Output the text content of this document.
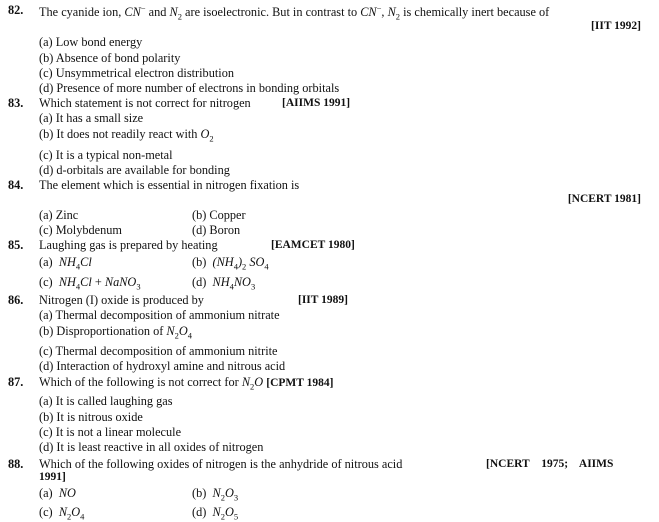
82. The cyanide ion, CN− and $N_2$ are isoelectronic. But in contrast to CN−, $N_2$ is chemically inert because of
[IIT 1992]
(a) Low bond energy
(b) Absence of bond polarity
(c) Unsymmetrical electron distribution
(d) Presence of more number of electrons in bonding orbitals
83. Which statement is not correct for nitrogen	[AIIMS 1991]
(a) It has a small size
(b) It does not readily react with $O_2$
(c) It is a typical non-metal
(d) d-orbitals are available for bonding
84. The element which is essential in nitrogen fixation is
[NCERT 1981]
(a) Zinc	(b) Copper
(c) Molybdenum	(d) Boron
85. Laughing gas is prepared by heating	[EAMCET 1980]
(a) $NH_4Cl$	(b) $(NH_4)_2$ $SO_4$
(c) $NH_4Cl$ + NaNO$_3$	(d) $NH_4NO_3$
86. Nitrogen (I) oxide is produced by	[IIT 1989]
(a) Thermal decomposition of ammonium nitrate
(b) Disproportionation of $N_2O_4$
(c) Thermal decomposition of ammonium nitrite
(d) Interaction of hydroxyl amine and nitrous acid
87. Which of the following is not correct for $N_2O$ [CPMT 1984]
(a) It is called laughing gas
(b) It is nitrous oxide
(c) It is not a linear molecule
(d) It is least reactive in all oxides of nitrogen
88. Which of the following oxides of nitrogen is the anhydride of nitrous acid	[NCERT 1975; AIIMS
1991]
(a) NO	(b) $N_2O_3$
(c) $N_2O_4$	(d) $N_2O_5$
